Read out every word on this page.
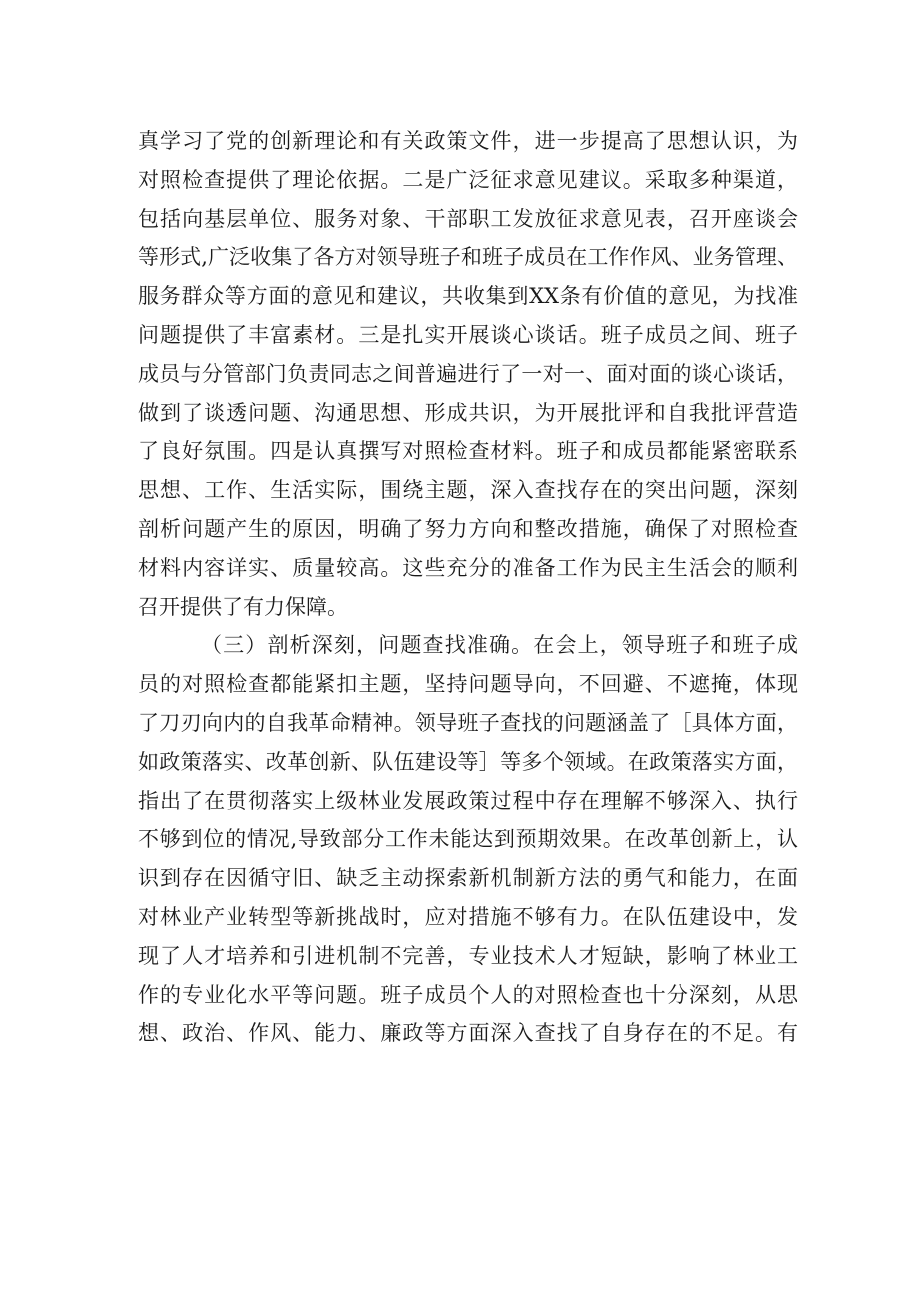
真学习了党的创新理论和有关政策文件，进一步提高了思想认识，为
对照检查提供了理论依据。二是广泛征求意见建议。采取多种渠道，
包括向基层单位、服务对象、干部职工发放征求意见表，召开座谈会
等形式,广泛收集了各方对领导班子和班子成员在工作作风、业务管理、
服务群众等方面的意见和建议，共收集到XX条有价值的意见，为找准
问题提供了丰富素材。三是扎实开展谈心谈话。班子成员之间、班子
成员与分管部门负责同志之间普遍进行了一对一、面对面的谈心谈话，
做到了谈透问题、沟通思想、形成共识，为开展批评和自我批评营造
了良好氛围。四是认真撰写对照检查材料。班子和成员都能紧密联系
思想、工作、生活实际，围绕主题，深入查找存在的突出问题，深刻
剖析问题产生的原因，明确了努力方向和整改措施，确保了对照检查
材料内容详实、质量较高。这些充分的准备工作为民主生活会的顺利
召开提供了有力保障。
（三）剖析深刻，问题查找准确。在会上，领导班子和班子成
员的对照检查都能紧扣主题，坚持问题导向，不回避、不遮掩，体现
了刀刃向内的自我革命精神。领导班子查找的问题涵盖了［具体方面，
如政策落实、改革创新、队伍建设等］等多个领域。在政策落实方面，
指出了在贯彻落实上级林业发展政策过程中存在理解不够深入、执行
不够到位的情况,导致部分工作未能达到预期效果。在改革创新上，认
识到存在因循守旧、缺乏主动探索新机制新方法的勇气和能力，在面
对林业产业转型等新挑战时，应对措施不够有力。在队伍建设中，发
现了人才培养和引进机制不完善，专业技术人才短缺，影响了林业工
作的专业化水平等问题。班子成员个人的对照检查也十分深刻，从思
想、政治、作风、能力、廉政等方面深入查找了自身存在的不足。有
